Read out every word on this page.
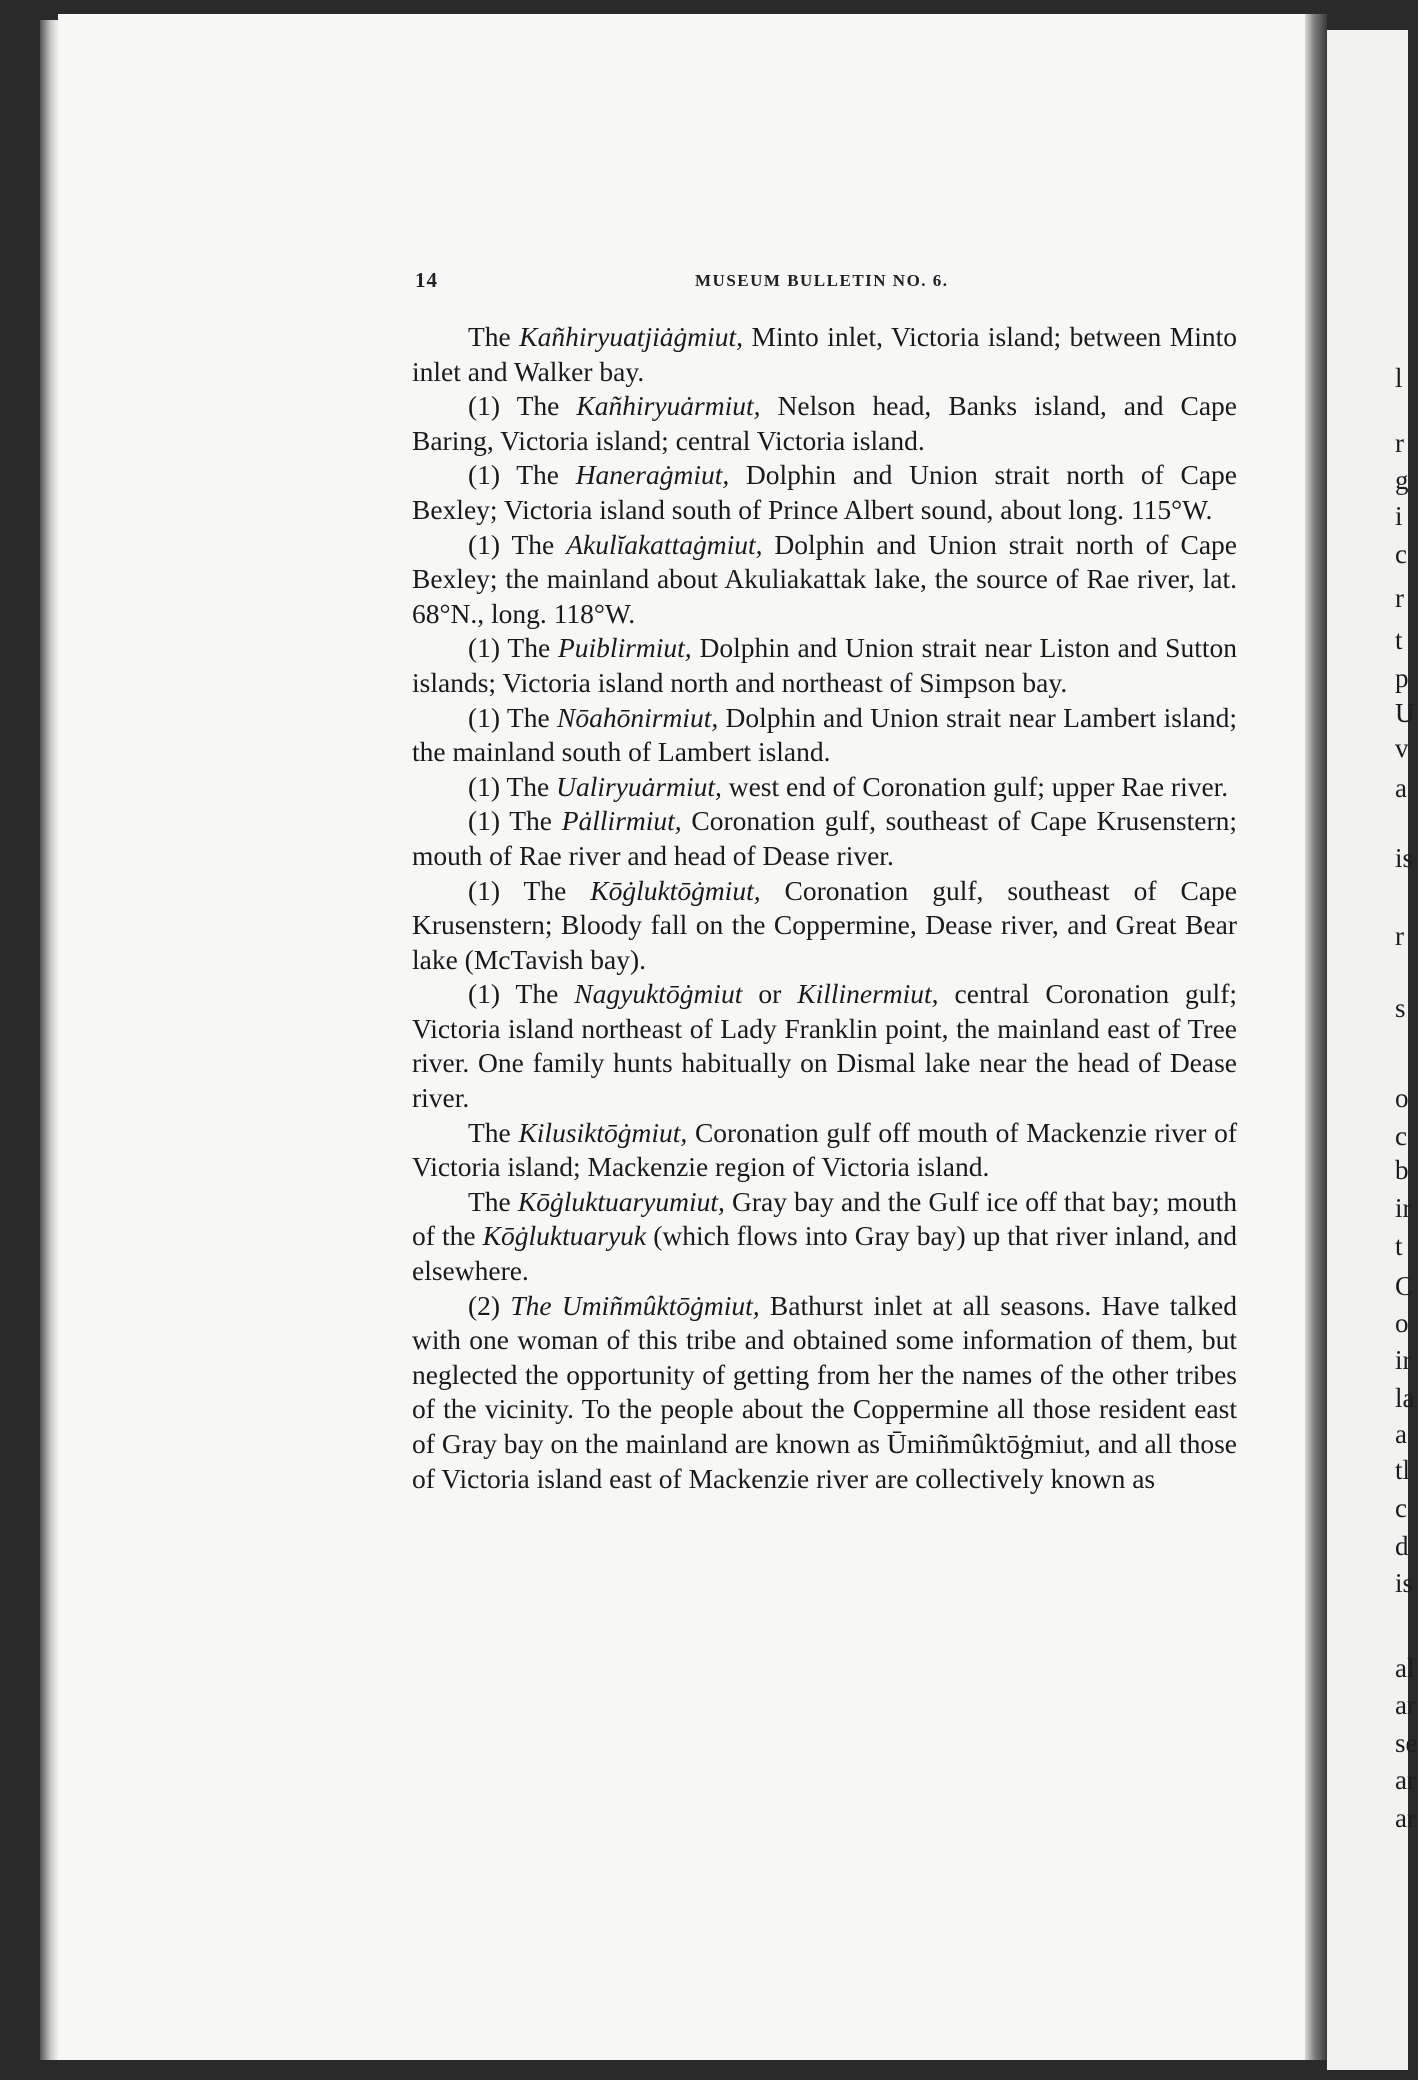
l
r
g
i
c
r
t
p
U
v
a
is
r
s
o
c
b
ir
t
C
o
ir
la
a
tl
c
d
is
al
ar
se
ar
ar
14	MUSEUM BULLETIN NO. 6.

The Kañhiryuatjiȧġmiut, Minto inlet, Victoria island; between Minto inlet and Walker bay.

(1) The Kañhiryuȧrmiut, Nelson head, Banks island, and Cape Baring, Victoria island; central Victoria island.

(1) The Haneraġmiut, Dolphin and Union strait north of Cape Bexley; Victoria island south of Prince Albert sound, about long. 115°W.

(1) The Akulĭakattaġmiut, Dolphin and Union strait north of Cape Bexley; the mainland about Akuliakattak lake, the source of Rae river, lat. 68°N., long. 118°W.

(1) The Puiblirmiut, Dolphin and Union strait near Liston and Sutton islands; Victoria island north and northeast of Simpson bay.

(1) The Nōahōnirmiut, Dolphin and Union strait near Lambert island; the mainland south of Lambert island.

(1) The Ualiryuȧrmiut, west end of Coronation gulf; upper Rae river.

(1) The Pȧllirmiut, Coronation gulf, southeast of Cape Krusenstern; mouth of Rae river and head of Dease river.

(1) The Kōġluktōġmiut, Coronation gulf, southeast of Cape Krusenstern; Bloody fall on the Coppermine, Dease river, and Great Bear lake (McTavish bay).

(1) The Nagyuktōġmiut or Killinermiut, central Coronation gulf; Victoria island northeast of Lady Franklin point, the mainland east of Tree river. One family hunts habitually on Dismal lake near the head of Dease river.

The Kilusiktōġmiut, Coronation gulf off mouth of Mackenzie river of Victoria island; Mackenzie region of Victoria island.

The Kōġluktuaryumiut, Gray bay and the Gulf ice off that bay; mouth of the Kōġluktuaryuk (which flows into Gray bay) up that river inland, and elsewhere.

(2) The Umiñmûktōġmiut, Bathurst inlet at all seasons. Have talked with one woman of this tribe and obtained some information of them, but neglected the opportunity of getting from her the names of the other tribes of the vicinity. To the people about the Coppermine all those resident east of Gray bay on the mainland are known as Ūmiñmûktōġmiut, and all those of Victoria island east of Mackenzie river are collectively known as
